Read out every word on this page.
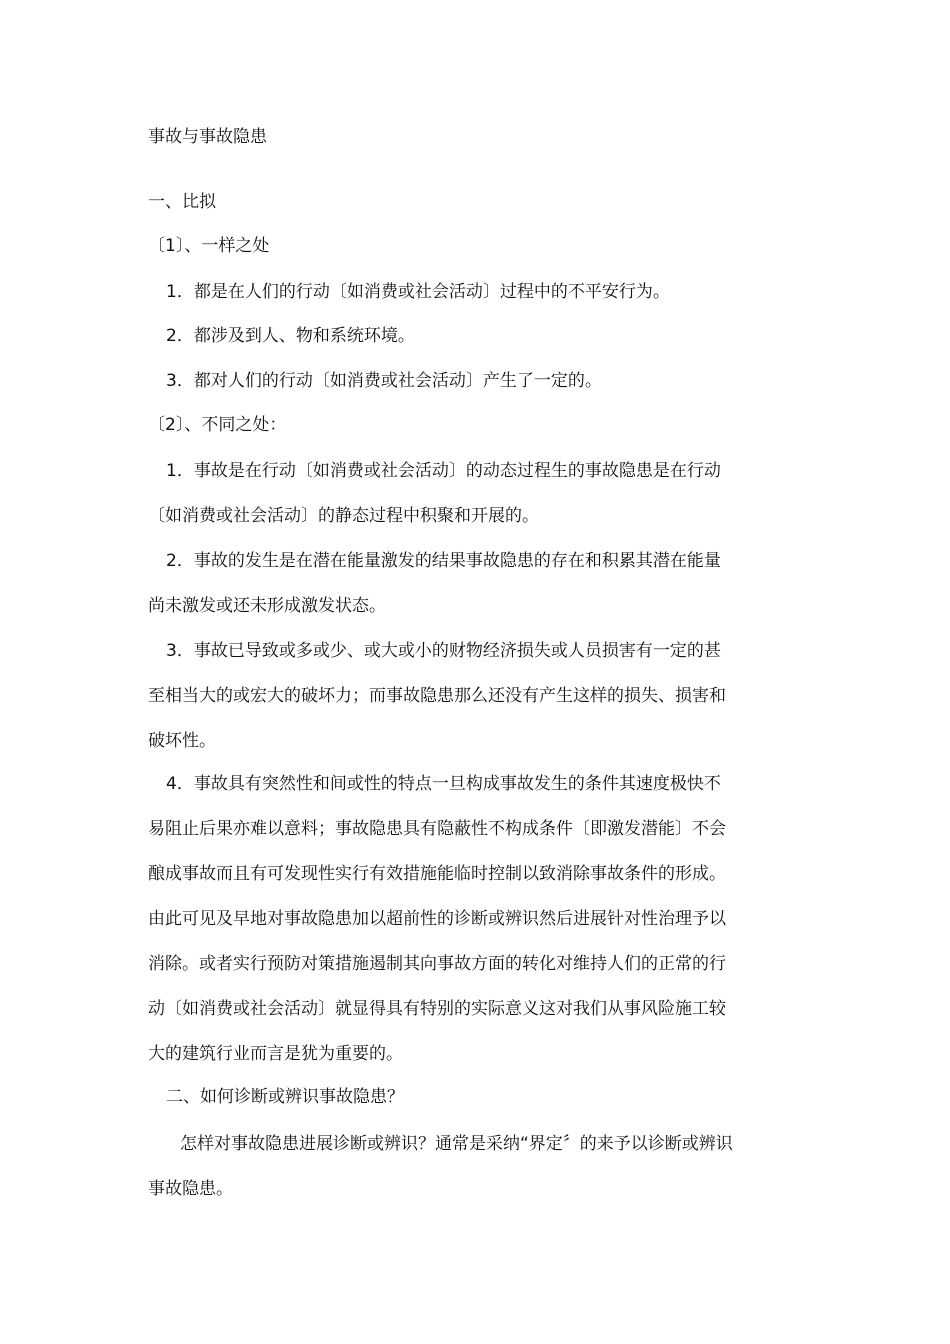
事故与事故隐患
一、比拟
〔1〕、一样之处
1．都是在人们的行动〔如消费或社会活动〕过程中的不平安行为。
2．都涉及到人、物和系统环境。
3．都对人们的行动〔如消费或社会活动〕产生了一定的。
〔2〕、不同之处：
1．事故是在行动〔如消费或社会活动〕的动态过程生的事故隐患是在行动
〔如消费或社会活动〕的静态过程中积聚和开展的。
2．事故的发生是在潜在能量激发的结果事故隐患的存在和积累其潜在能量
尚未激发或还未形成激发状态。
3．事故已导致或多或少、或大或小的财物经济损失或人员损害有一定的甚
至相当大的或宏大的破坏力；而事故隐患那么还没有产生这样的损失、损害和
破坏性。
4．事故具有突然性和间或性的特点一旦构成事故发生的条件其速度极快不
易阻止后果亦难以意料；事故隐患具有隐蔽性不构成条件〔即激发潜能〕不会
酿成事故而且有可发现性实行有效措施能临时控制以致消除事故条件的形成。
由此可见及早地对事故隐患加以超前性的诊断或辨识然后进展针对性治理予以
消除。或者实行预防对策措施遏制其向事故方面的转化对维持人们的正常的行
动〔如消费或社会活动〕就显得具有特别的实际意义这对我们从事风险施工较
大的建筑行业而言是犹为重要的。
二、如何诊断或辨识事故隐患？
怎样对事故隐患进展诊断或辨识？通常是采纳“界定〞的来予以诊断或辨识
事故隐患。
